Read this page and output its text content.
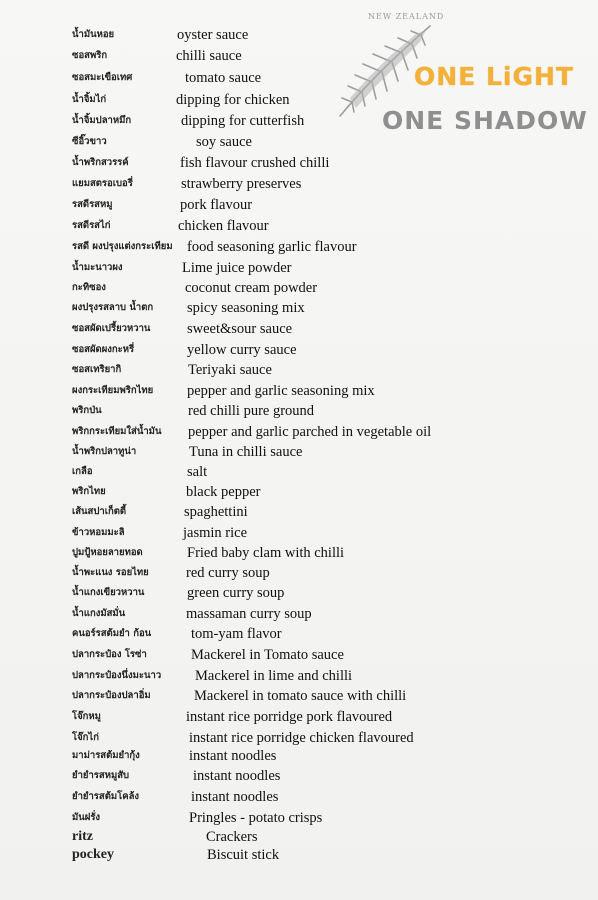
NEW ZEALAND
ONE LiGHT
ONE SHADOW
น้ำมันหอย	oyster sauce
ซอสพริก	chilli sauce
ซอสมะเขือเทศ	tomato sauce
น้ำจิ้มไก่	dipping for chicken
น้ำจิ้มปลาหมึก	dipping for cutterfish
ซีอิ๊วขาว	soy sauce
น้ำพริกสวรรค์	fish flavour crushed chilli
แยมสตรอเบอรี่	strawberry preserves
รสดีรสหมู	pork flavour
รสดีรสไก่	chicken flavour
รสดี ผงปรุงแต่งกระเทียม food seasoning garlic flavour
น้ำมะนาวผง	Lime juice powder
กะทิซอง	coconut cream powder
ผงปรุงรสลาบ น้ำตก spicy seasoning mix
ซอสผัดเปรี้ยวหวาน	sweet&sour sauce
ซอสผัดผงกะหรี่	yellow curry sauce
ซอสเทริยากิ	Teriyaki sauce
ผงกระเทียมพริกไทย pepper and garlic seasoning mix
พริกป่น	red chilli pure ground
พริกกระเทียมใส่น้ำมัน pepper and garlic parched in vegetable oil
น้ำพริกปลาทูน่า	Tuna in chilli sauce
เกลือ	salt
พริกไทย	black pepper
เส้นสปาเก็ตตี้	spaghettini
ข้าวหอมมะลิ	jasmin rice
ปูมปู้หอยลายทอด	Fried baby clam with chilli
น้ำพะแนง รอยไทย	red curry soup
น้ำแกงเขียวหวาน	green curry soup
น้ำแกงมัสมั่น	massaman curry soup
คนอร์รสต้มยำ ก้อน	tom-yam flavor
ปลากระป๋อง โรซ่า	Mackerel in Tomato sauce
ปลากระป๋องนึ่งมะนาว Mackerel in lime and chilli
ปลากระป๋องปลาอิ่ม	Mackerel in tomato sauce with chilli
โจ๊กหมู	instant rice porridge pork flavoured
โจ๊กไก่	instant rice porridge chicken flavoured
มาม่ารสต้มยำกุ้ง	instant noodles
ยำยำรสหมูสับ	instant noodles
ยำยำรสต้มโคล้ง	instant noodles
มันฝรั่ง	Pringles - potato crisps
ritz	Crackers
pockey	Biscuit stick
